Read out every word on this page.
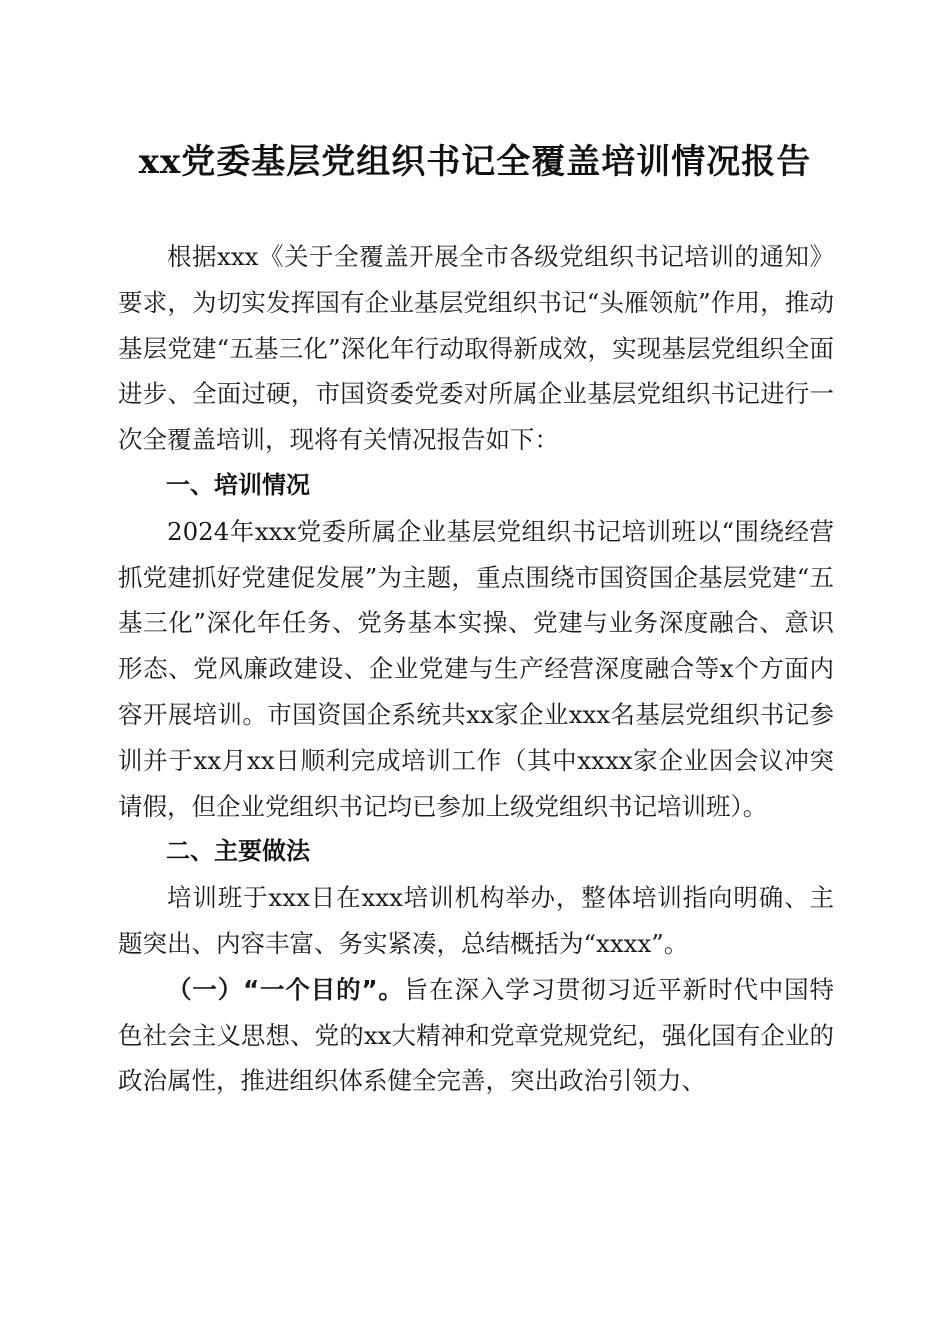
xx党委基层党组织书记全覆盖培训情况报告

根据xxx《关于全覆盖开展全市各级党组织书记培训的通知》要求，为切实发挥国有企业基层党组织书记“头雁领航”作用，推动基层党建“五基三化”深化年行动取得新成效，实现基层党组织全面进步、全面过硬，市国资委党委对所属企业基层党组织书记进行一次全覆盖培训，现将有关情况报告如下：

一、培训情况

2024年xxx党委所属企业基层党组织书记培训班以“围绕经营抓党建抓好党建促发展”为主题，重点围绕市国资国企基层党建“五基三化”深化年任务、党务基本实操、党建与业务深度融合、意识形态、党风廉政建设、企业党建与生产经营深度融合等x个方面内容开展培训。市国资国企系统共xx家企业xxx名基层党组织书记参训并于xx月xx日顺利完成培训工作（其中xxxx家企业因会议冲突请假，但企业党组织书记均已参加上级党组织书记培训班）。

二、主要做法

培训班于xxx日在xxx培训机构举办，整体培训指向明确、主题突出、内容丰富、务实紧凑，总结概括为“xxxx”。

（一）“一个目的”。旨在深入学习贯彻习近平新时代中国特色社会主义思想、党的xx大精神和党章党规党纪，强化国有企业的政治属性，推进组织体系健全完善，突出政治引领力、
